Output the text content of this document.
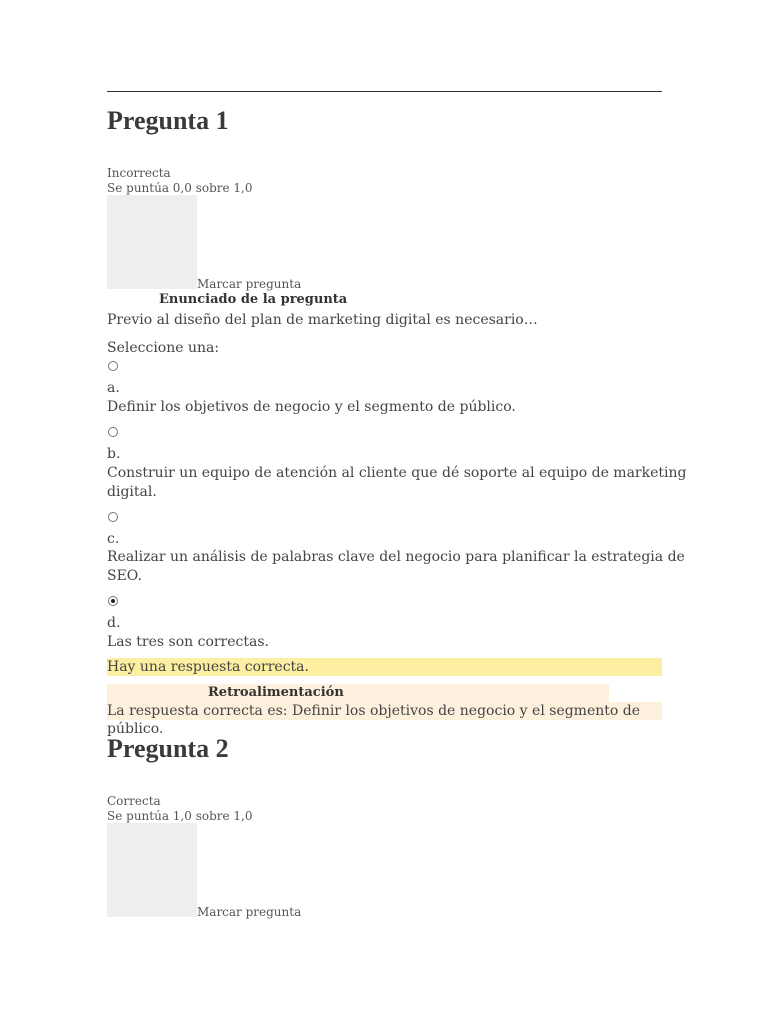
Pregunta 1
Incorrecta
Se puntúa 0,0 sobre 1,0
Marcar pregunta
Enunciado de la pregunta
Previo al diseño del plan de marketing digital es necesario…
Seleccione una:
a.
Definir los objetivos de negocio y el segmento de público.
b.
Construir un equipo de atención al cliente que dé soporte al equipo de marketing
digital.
c.
Realizar un análisis de palabras clave del negocio para planificar la estrategia de
SEO.
d.
Las tres son correctas.
Hay una respuesta correcta.
Retroalimentación
La respuesta correcta es: Definir los objetivos de negocio y el segmento de público.
Pregunta 2
Correcta
Se puntúa 1,0 sobre 1,0
Marcar pregunta
